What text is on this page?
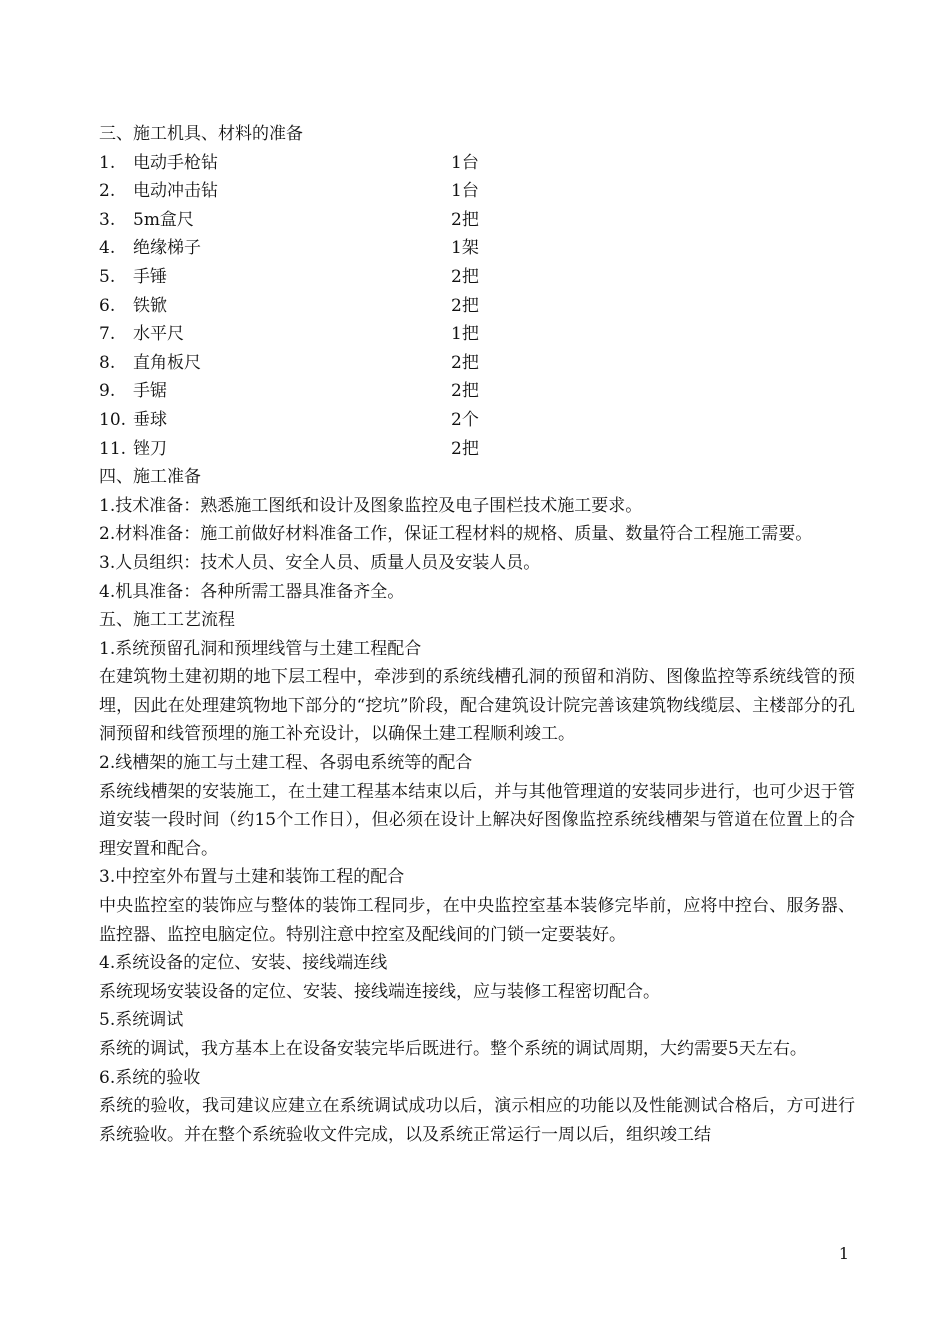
三、施工机具、材料的准备

1.	电动手枪钻	1台
2.	电动冲击钻	1台
3.	5m盒尺	2把
4.	绝缘梯子	1架
5.	手锤	2把
6.	铁锨	2把
7.	水平尺	1把
8.	直角板尺	2把
9.	手锯	2把
10. 垂球	2个
11. 锉刀	2把

四、施工准备

1.技术准备：熟悉施工图纸和设计及图象监控及电子围栏技术施工要求。

2.材料准备：施工前做好材料准备工作，保证工程材料的规格、质量、数量符合工程施工需要。

3.人员组织：技术人员、安全人员、质量人员及安装人员。

4.机具准备：各种所需工器具准备齐全。

五、施工工艺流程

1.系统预留孔洞和预埋线管与土建工程配合

在建筑物土建初期的地下层工程中，牵涉到的系统线槽孔洞的预留和消防、图像监控等系统线管的预埋，因此在处理建筑物地下部分的“挖坑”阶段，配合建筑设计院完善该建筑物线缆层、主楼部分的孔洞预留和线管预埋的施工补充设计，以确保土建工程顺利竣工。

2.线槽架的施工与土建工程、各弱电系统等的配合

系统线槽架的安装施工，在土建工程基本结束以后，并与其他管理道的安装同步进行，也可少迟于管道安装一段时间（约15个工作日），但必须在设计上解决好图像监控系统线槽架与管道在位置上的合理安置和配合。

3.中控室外布置与土建和装饰工程的配合

中央监控室的装饰应与整体的装饰工程同步，在中央监控室基本装修完毕前，应将中控台、服务器、监控器、监控电脑定位。特别注意中控室及配线间的门锁一定要装好。

4.系统设备的定位、安装、接线端连线

系统现场安装设备的定位、安装、接线端连接线，应与装修工程密切配合。

5.系统调试

系统的调试，我方基本上在设备安装完毕后既进行。整个系统的调试周期，大约需要5天左右。

6.系统的验收

系统的验收，我司建议应建立在系统调试成功以后，演示相应的功能以及性能测试合格后，方可进行系统验收。并在整个系统验收文件完成，以及系统正常运行一周以后，组织竣工结

1
